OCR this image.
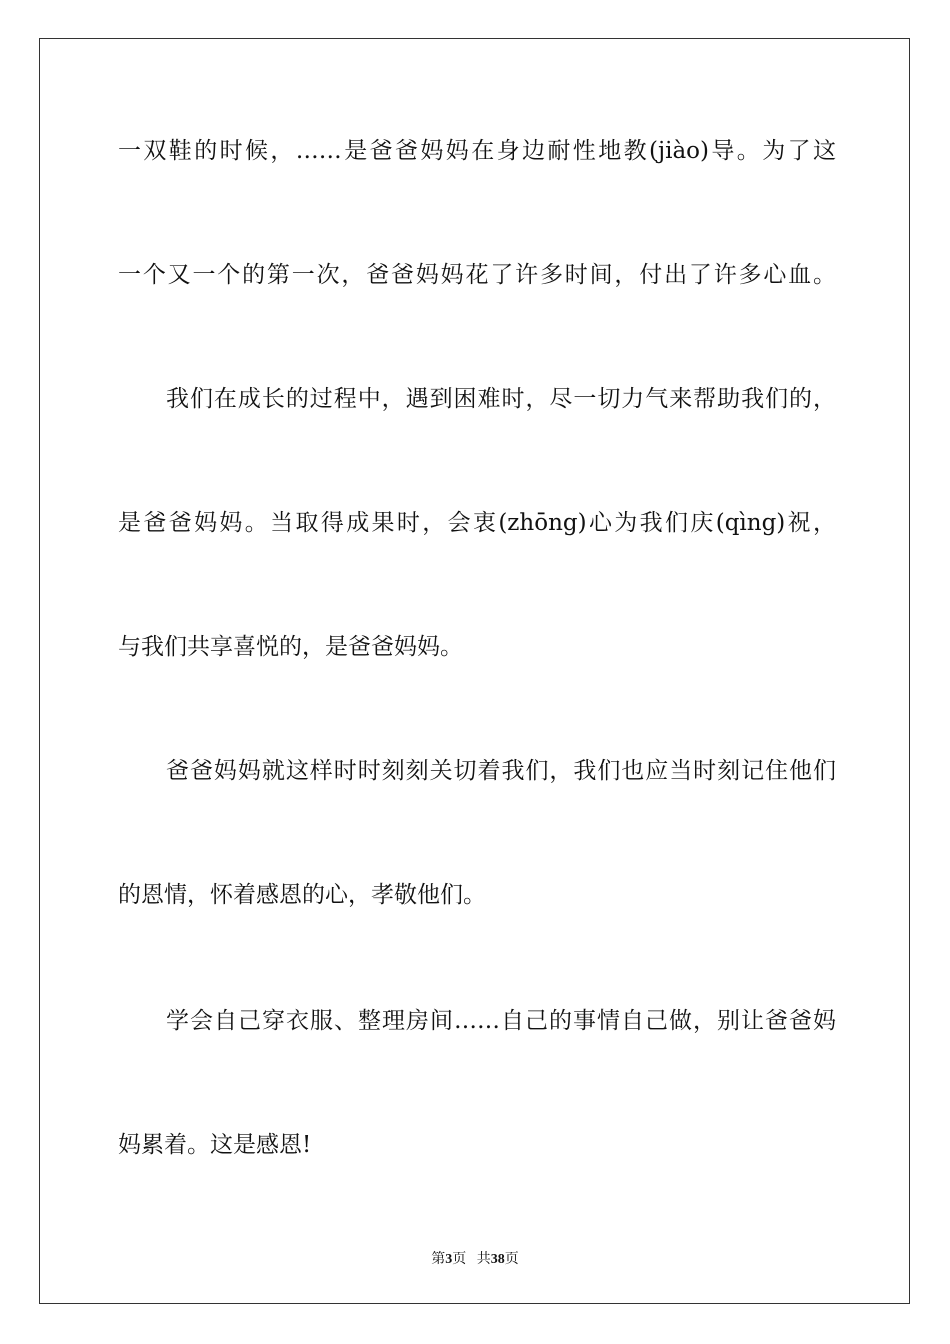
一双鞋的时候，……是爸爸妈妈在身边耐性地教(jiào)导。为了这
一个又一个的第一次，爸爸妈妈花了许多时间，付出了许多心血。
我们在成长的过程中，遇到困难时，尽一切力气来帮助我们的，
是爸爸妈妈。当取得成果时，会衷(zhōng)心为我们庆(qìng)祝，
与我们共享喜悦的，是爸爸妈妈。
爸爸妈妈就这样时时刻刻关切着我们，我们也应当时刻记住他们
的恩情，怀着感恩的心，孝敬他们。
学会自己穿衣服、整理房间……自己的事情自己做，别让爸爸妈
妈累着。这是感恩!
第3页 共38页
